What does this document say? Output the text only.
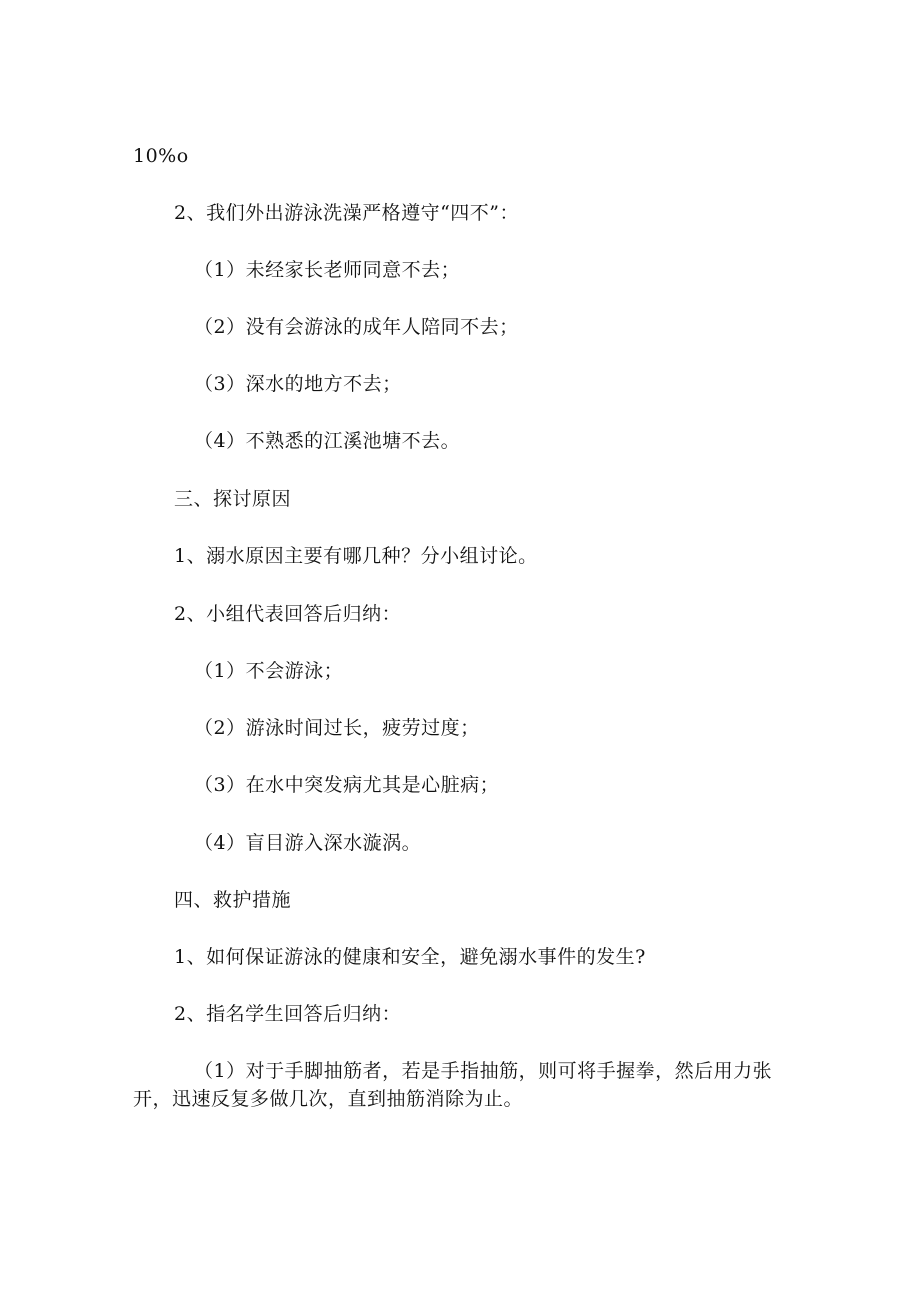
10%o
2、我们外出游泳洗澡严格遵守“四不”：
（1）未经家长老师同意不去；
（2）没有会游泳的成年人陪同不去；
（3）深水的地方不去；
（4）不熟悉的江溪池塘不去。
三、探讨原因
1、溺水原因主要有哪几种？分小组讨论。
2、小组代表回答后归纳：
（1）不会游泳；
（2）游泳时间过长，疲劳过度；
（3）在水中突发病尤其是心脏病；
（4）盲目游入深水漩涡。
四、救护措施
1、如何保证游泳的健康和安全，避免溺水事件的发生?
2、指名学生回答后归纳：
（1）对于手脚抽筋者，若是手指抽筋，则可将手握拳，然后用力张开，迅速反复多做几次，直到抽筋消除为止。
